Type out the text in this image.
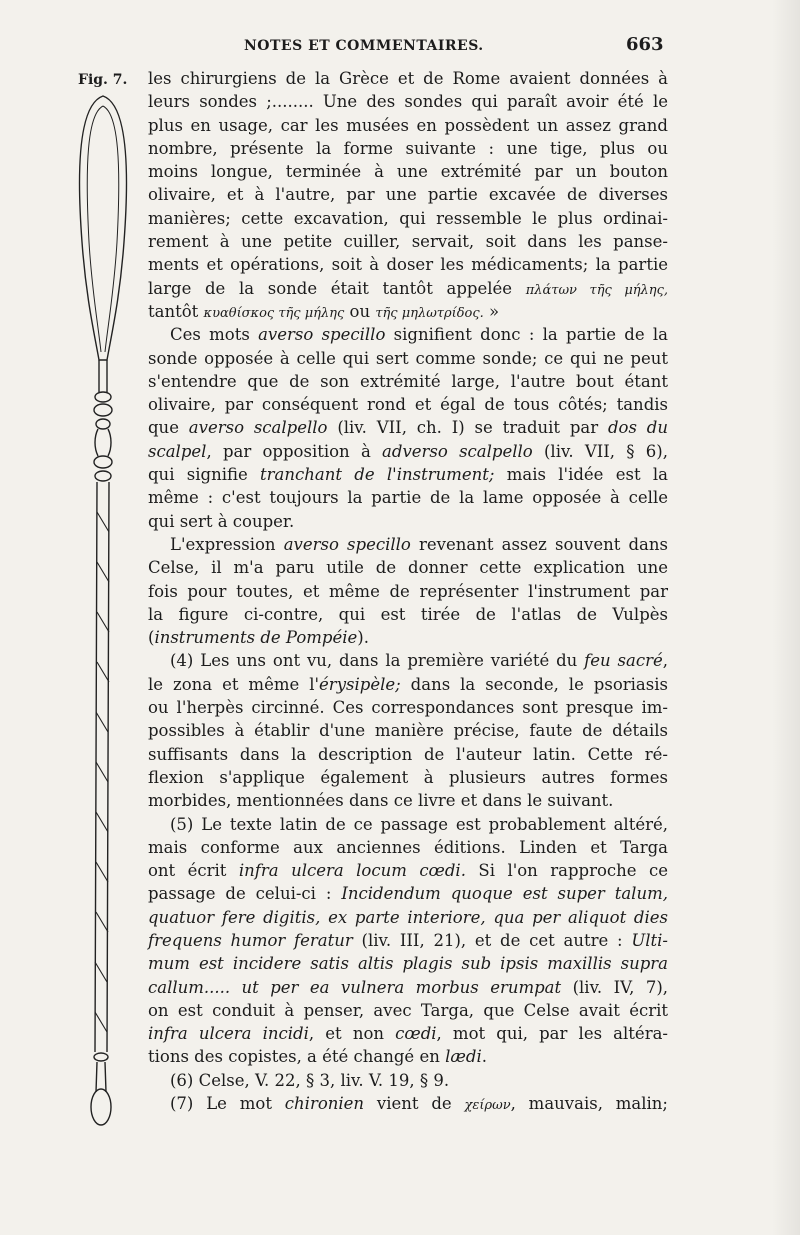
NOTES ET COMMENTAIRES.	663
Fig. 7. les chirurgiens de la Grèce et de Rome avaient données à
leurs sondes ;........ Une des sondes qui paraît avoir été le
plus en usage, car les musées en possèdent un assez grand
nombre, présente la forme suivante : une tige, plus ou
moins longue, terminée à une extrémité par un bouton
olivaire, et à l'autre, par une partie excavée de diverses
manières; cette excavation, qui ressemble le plus ordinai-
rement à une petite cuiller, servait, soit dans les panse-
ments et opérations, soit à doser les médicaments; la partie
large de la sonde était tantôt appelée πλάτων τῆς μήλης,
tantôt κυαθίσκος τῆς μήλης ou τῆς μηλωτρίδος. »
Ces mots averso specillo signifient donc : la partie de la
sonde opposée à celle qui sert comme sonde; ce qui ne peut
s'entendre que de son extrémité large, l'autre bout étant
olivaire, par conséquent rond et égal de tous côtés; tandis
que averso scalpello (liv. VII, ch. I) se traduit par dos du
scalpel, par opposition à adverso scalpello (liv. VII, § 6),
qui signifie tranchant de l'instrument; mais l'idée est la
même : c'est toujours la partie de la lame opposée à celle
qui sert à couper.
L'expression averso specillo revenant assez souvent dans
Celse, il m'a paru utile de donner cette explication une
fois pour toutes, et même de représenter l'instrument par
la figure ci-contre, qui est tirée de l'atlas de Vulpès
(instruments de Pompéie).
(4) Les uns ont vu, dans la première variété du feu sacré,
le zona et même l'érysipèle; dans la seconde, le psoriasis
ou l'herpès circinné. Ces correspondances sont presque im-
possibles à établir d'une manière précise, faute de détails
suffisants dans la description de l'auteur latin. Cette ré-
flexion s'applique également à plusieurs autres formes
morbides, mentionnées dans ce livre et dans le suivant.
(5) Le texte latin de ce passage est probablement altéré,
mais conforme aux anciennes éditions. Linden et Targa
ont écrit infra ulcera locum cœdi. Si l'on rapproche ce
passage de celui-ci : Incidendum quoque est super talum,
quatuor fere digitis, ex parte interiore, qua per aliquot dies
frequens humor feratur (liv. III, 21), et de cet autre : Ulti-
mum est incidere satis altis plagis sub ipsis maxillis supra
callum..... ut per ea vulnera morbus erumpat (liv. IV, 7),
on est conduit à penser, avec Targa, que Celse avait écrit
infra ulcera incidi, et non cœdi, mot qui, par les altéra-
tions des copistes, a été changé en lædi.
(6) Celse, V. 22, § 3, liv. V. 19, § 9.
(7) Le mot chironien vient de χείρων, mauvais, malin;
